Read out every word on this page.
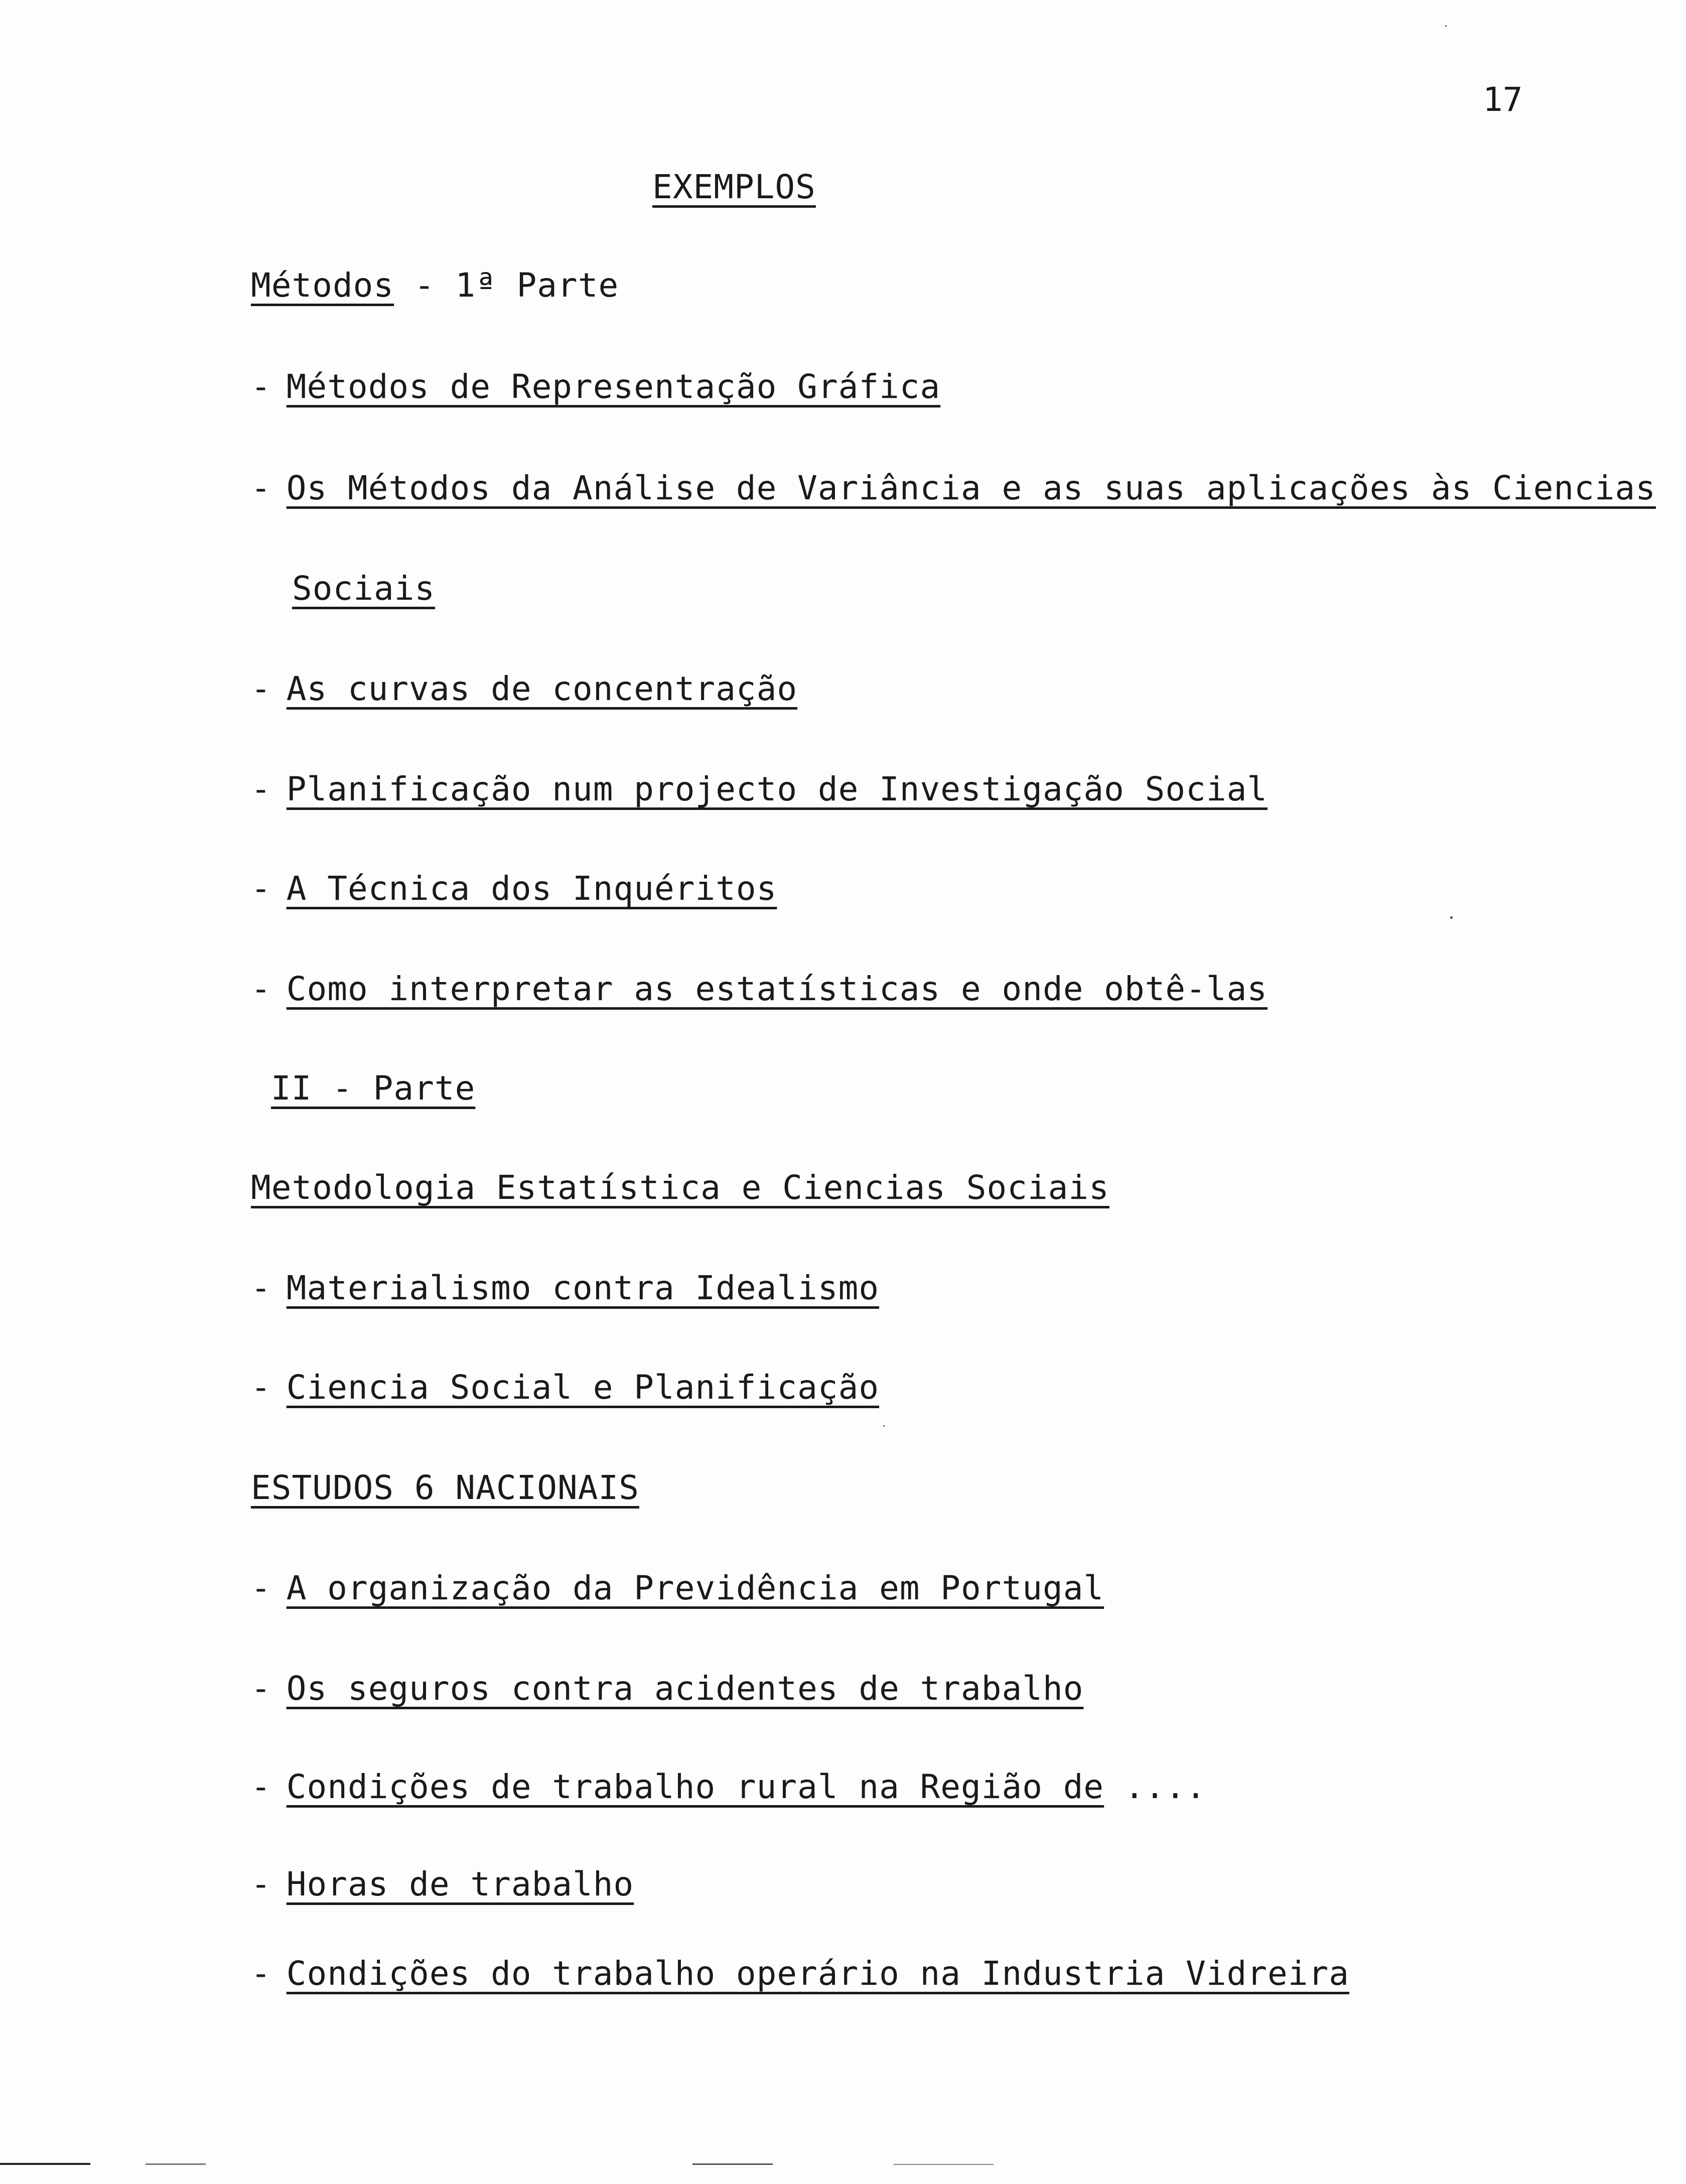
17
EXEMPLOS
Métodos - 1ª Parte
- Métodos de Representação Gráfica
- Os Métodos da Análise de Variância e as suas aplicações às Ciencias
Sociais
- As curvas de concentração
- Planificação num projecto de Investigação Social
- A Técnica dos Inquéritos
- Como interpretar as estatísticas e onde obtê-las
II - Parte
Metodologia Estatística e Ciencias Sociais
- Materialismo contra Idealismo
- Ciencia Social e Planificação
ESTUDOS 6 NACIONAIS
- A organização da Previdência em Portugal
- Os seguros contra acidentes de trabalho
- Condições de trabalho rural na Região de ....
- Horas de trabalho
- Condições do trabalho operário na Industria Vidreira
